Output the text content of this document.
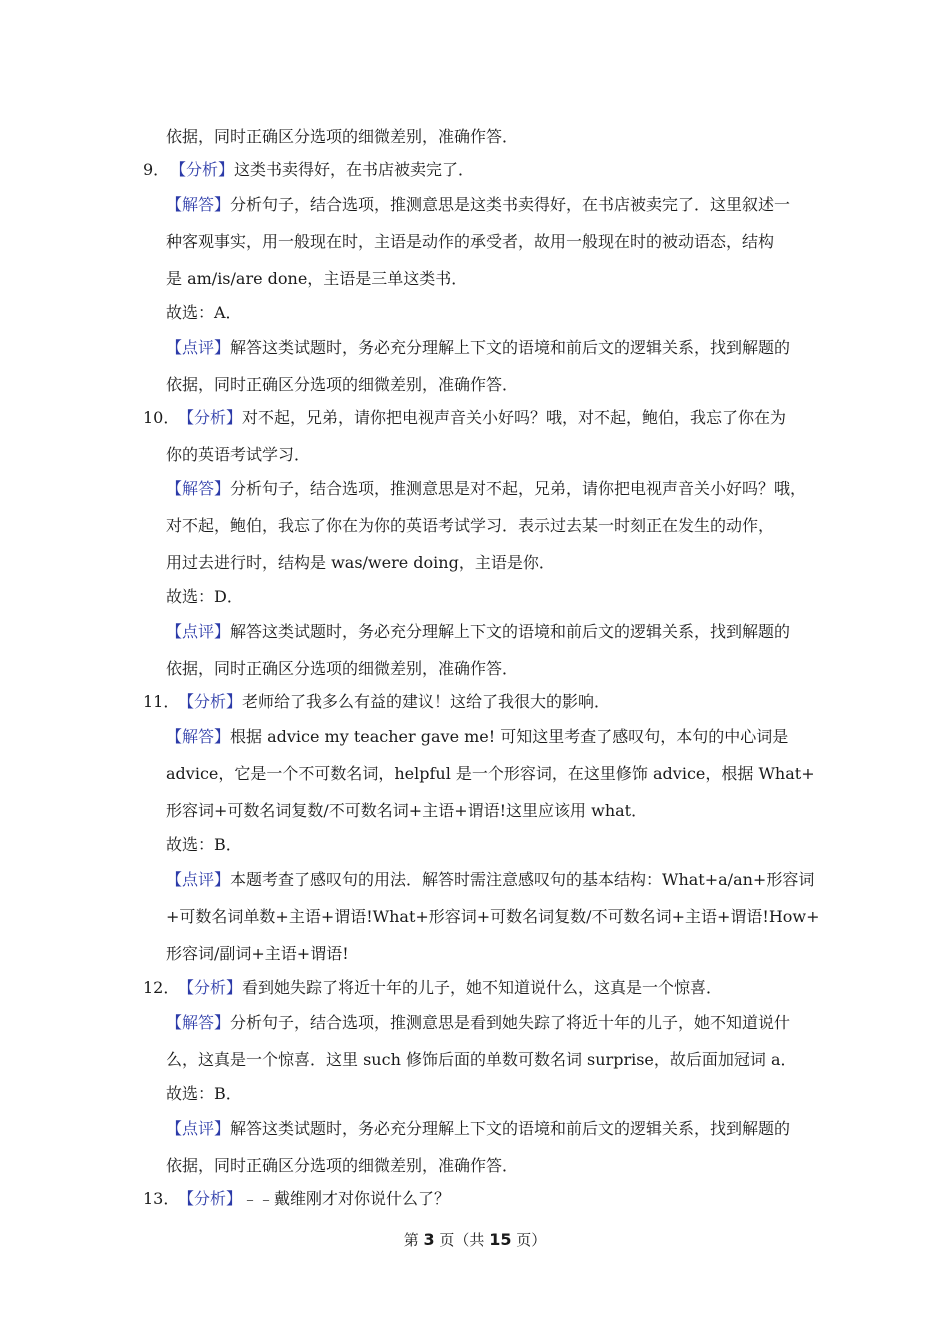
依据，同时正确区分选项的细微差别，准确作答．
9． 【分析】这类书卖得好，在书店被卖完了．
【解答】分析句子，结合选项，推测意思是这类书卖得好，在书店被卖完了．这里叙述一
种客观事实，用一般现在时，主语是动作的承受者，故用一般现在时的被动语态，结构
是 am/is/are done，主语是三单这类书．
故选：A．
【点评】解答这类试题时，务必充分理解上下文的语境和前后文的逻辑关系，找到解题的
依据，同时正确区分选项的细微差别，准确作答．
10．
【分析】对不起，兄弟，请你把电视声音关小好吗？哦，对不起，鲍伯，我忘了你在为
你的英语考试学习．
【解答】分析句子，结合选项，推测意思是对不起，兄弟，请你把电视声音关小好吗？哦，
对不起，鲍伯，我忘了你在为你的英语考试学习．表示过去某一时刻正在发生的动作，
用过去进行时，结构是 was/were doing，主语是你．
故选：D．
【点评】解答这类试题时，务必充分理解上下文的语境和前后文的逻辑关系，找到解题的
依据，同时正确区分选项的细微差别，准确作答．
11．
【分析】老师给了我多么有益的建议！这给了我很大的影响．
【解答】根据 advice my teacher gave me! 可知这里考查了感叹句，本句的中心词是
advice，它是一个不可数名词，helpful 是一个形容词，在这里修饰 advice，根据 What+
形容词+可数名词复数/不可数名词+主语+谓语!这里应该用 what．
故选：B．
【点评】本题考查了感叹句的用法．解答时需注意感叹句的基本结构：What+a/an+形容词
+可数名词单数+主语+谓语!What+形容词+可数名词复数/不可数名词+主语+谓语!How+
形容词/副词+主语+谓语!
12．
【分析】看到她失踪了将近十年的儿子，她不知道说什么，这真是一个惊喜．
【解答】分析句子，结合选项，推测意思是看到她失踪了将近十年的儿子，她不知道说什
么，这真是一个惊喜．这里 such 修饰后面的单数可数名词 surprise，故后面加冠词 a．
故选：B．
【点评】解答这类试题时，务必充分理解上下文的语境和前后文的逻辑关系，找到解题的
依据，同时正确区分选项的细微差别，准确作答．
13．
【分析】﹣﹣戴维刚才对你说什么了？
第 3 页（共 15 页）
